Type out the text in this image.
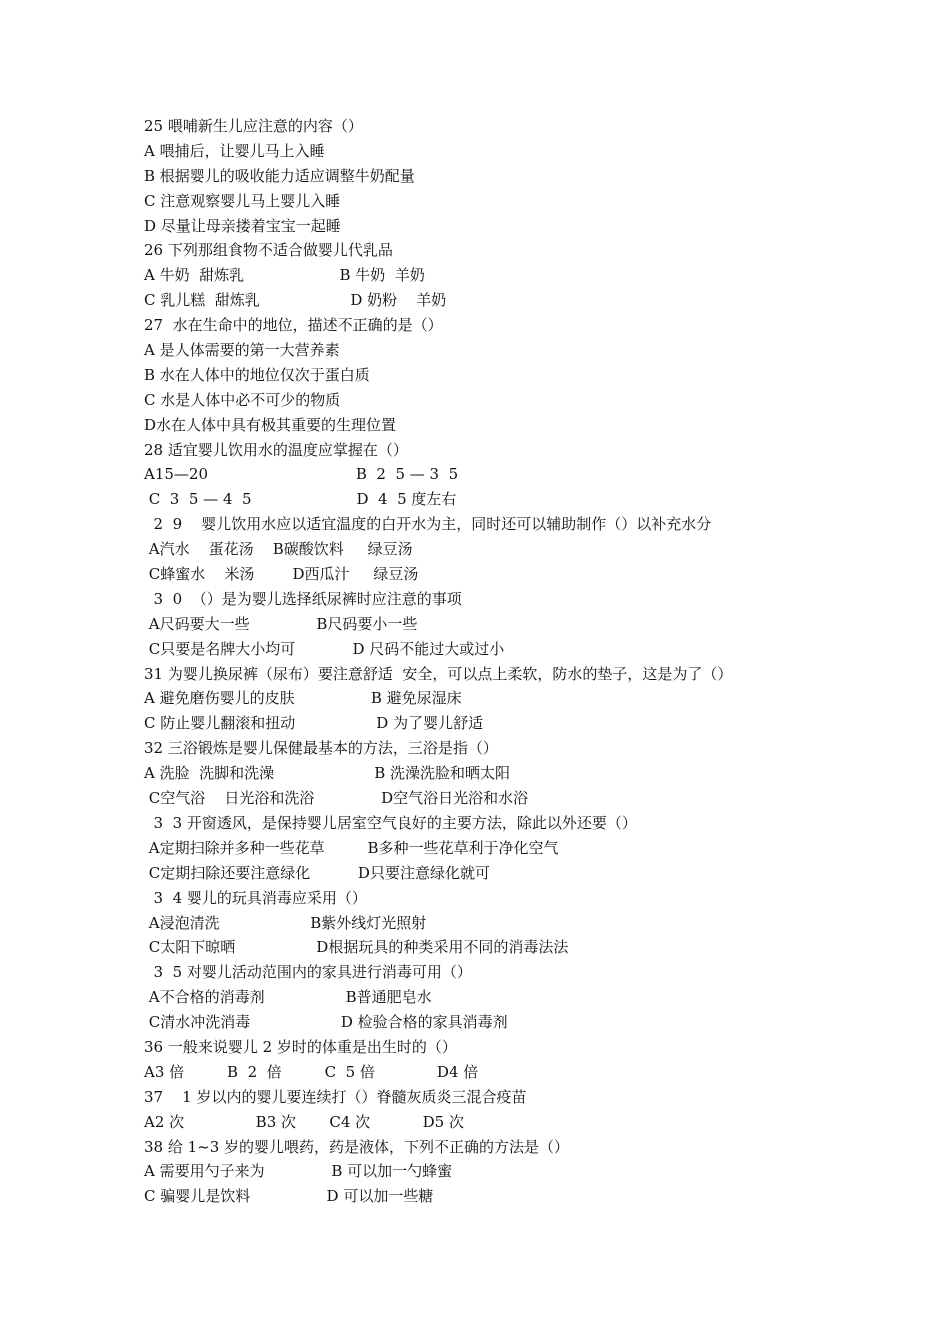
25 喂哺新生儿应注意的内容（）
A 喂捕后，让婴儿马上入睡
B 根据婴儿的吸收能力适应调整牛奶配量
C 注意观察婴儿马上婴儿入睡
D 尽量让母亲搂着宝宝一起睡
26 下列那组食物不适合做婴儿代乳品
A 牛奶  甜炼乳                    B 牛奶  羊奶
C 乳儿糕  甜炼乳                   D 奶粉    羊奶
27  水在生命中的地位，描述不正确的是（）
A 是人体需要的第一大营养素
B 水在人体中的地位仅次于蛋白质
C 水是人体中必不可少的物质
D水在人体中具有极其重要的生理位置
28 适宜婴儿饮用水的温度应掌握在（）
A15—20                               B  2  5 — 3  5
C  3  5 — 4  5                      D  4  5 度左右
2  9    婴儿饮用水应以适宜温度的白开水为主，同时还可以辅助制作（）以补充水分
A汽水    蛋花汤    B碳酸饮料     绿豆汤
C蜂蜜水    米汤        D西瓜汁     绿豆汤
3  0  （）是为婴儿选择纸尿裤时应注意的事项
A尺码要大一些              B尺码要小一些
C只要是名牌大小均可            D 尺码不能过大或过小
31 为婴儿换尿裤（尿布）要注意舒适  安全，可以点上柔软，防水的垫子，这是为了（）
A 避免磨伤婴儿的皮肤                B 避免尿湿床
C 防止婴儿翻滚和扭动                 D 为了婴儿舒适
32 三浴锻炼是婴儿保健最基本的方法，三浴是指（）
A 洗脸  洗脚和洗澡                     B 洗澡洗脸和晒太阳
C空气浴    日光浴和洗浴              D空气浴日光浴和水浴
3  3 开窗透风，是保持婴儿居室空气良好的主要方法，除此以外还要（）
A定期扫除并多种一些花草         B多种一些花草利于净化空气
C定期扫除还要注意绿化          D只要注意绿化就可
3  4 婴儿的玩具消毒应采用（）
A浸泡清洗                   B紫外线灯光照射
C太阳下晾晒                 D根据玩具的种类采用不同的消毒法法
3  5 对婴儿活动范围内的家具进行消毒可用（）
A不合格的消毒剂                 B普通肥皂水
C清水冲洗消毒                   D 检验合格的家具消毒剂
36 一般来说婴儿 2 岁时的体重是出生时的（）
A3 倍         B  2  倍         C  5 倍             D4 倍
37    1 岁以内的婴儿要连续打（）脊髓灰质炎三混合疫苗
A2 次               B3 次       C4 次           D5 次
38 给 1~3 岁的婴儿喂药，药是液体，下列不正确的方法是（）
A 需要用勺子来为              B 可以加一勺蜂蜜
C 骗婴儿是饮料                D 可以加一些糖
